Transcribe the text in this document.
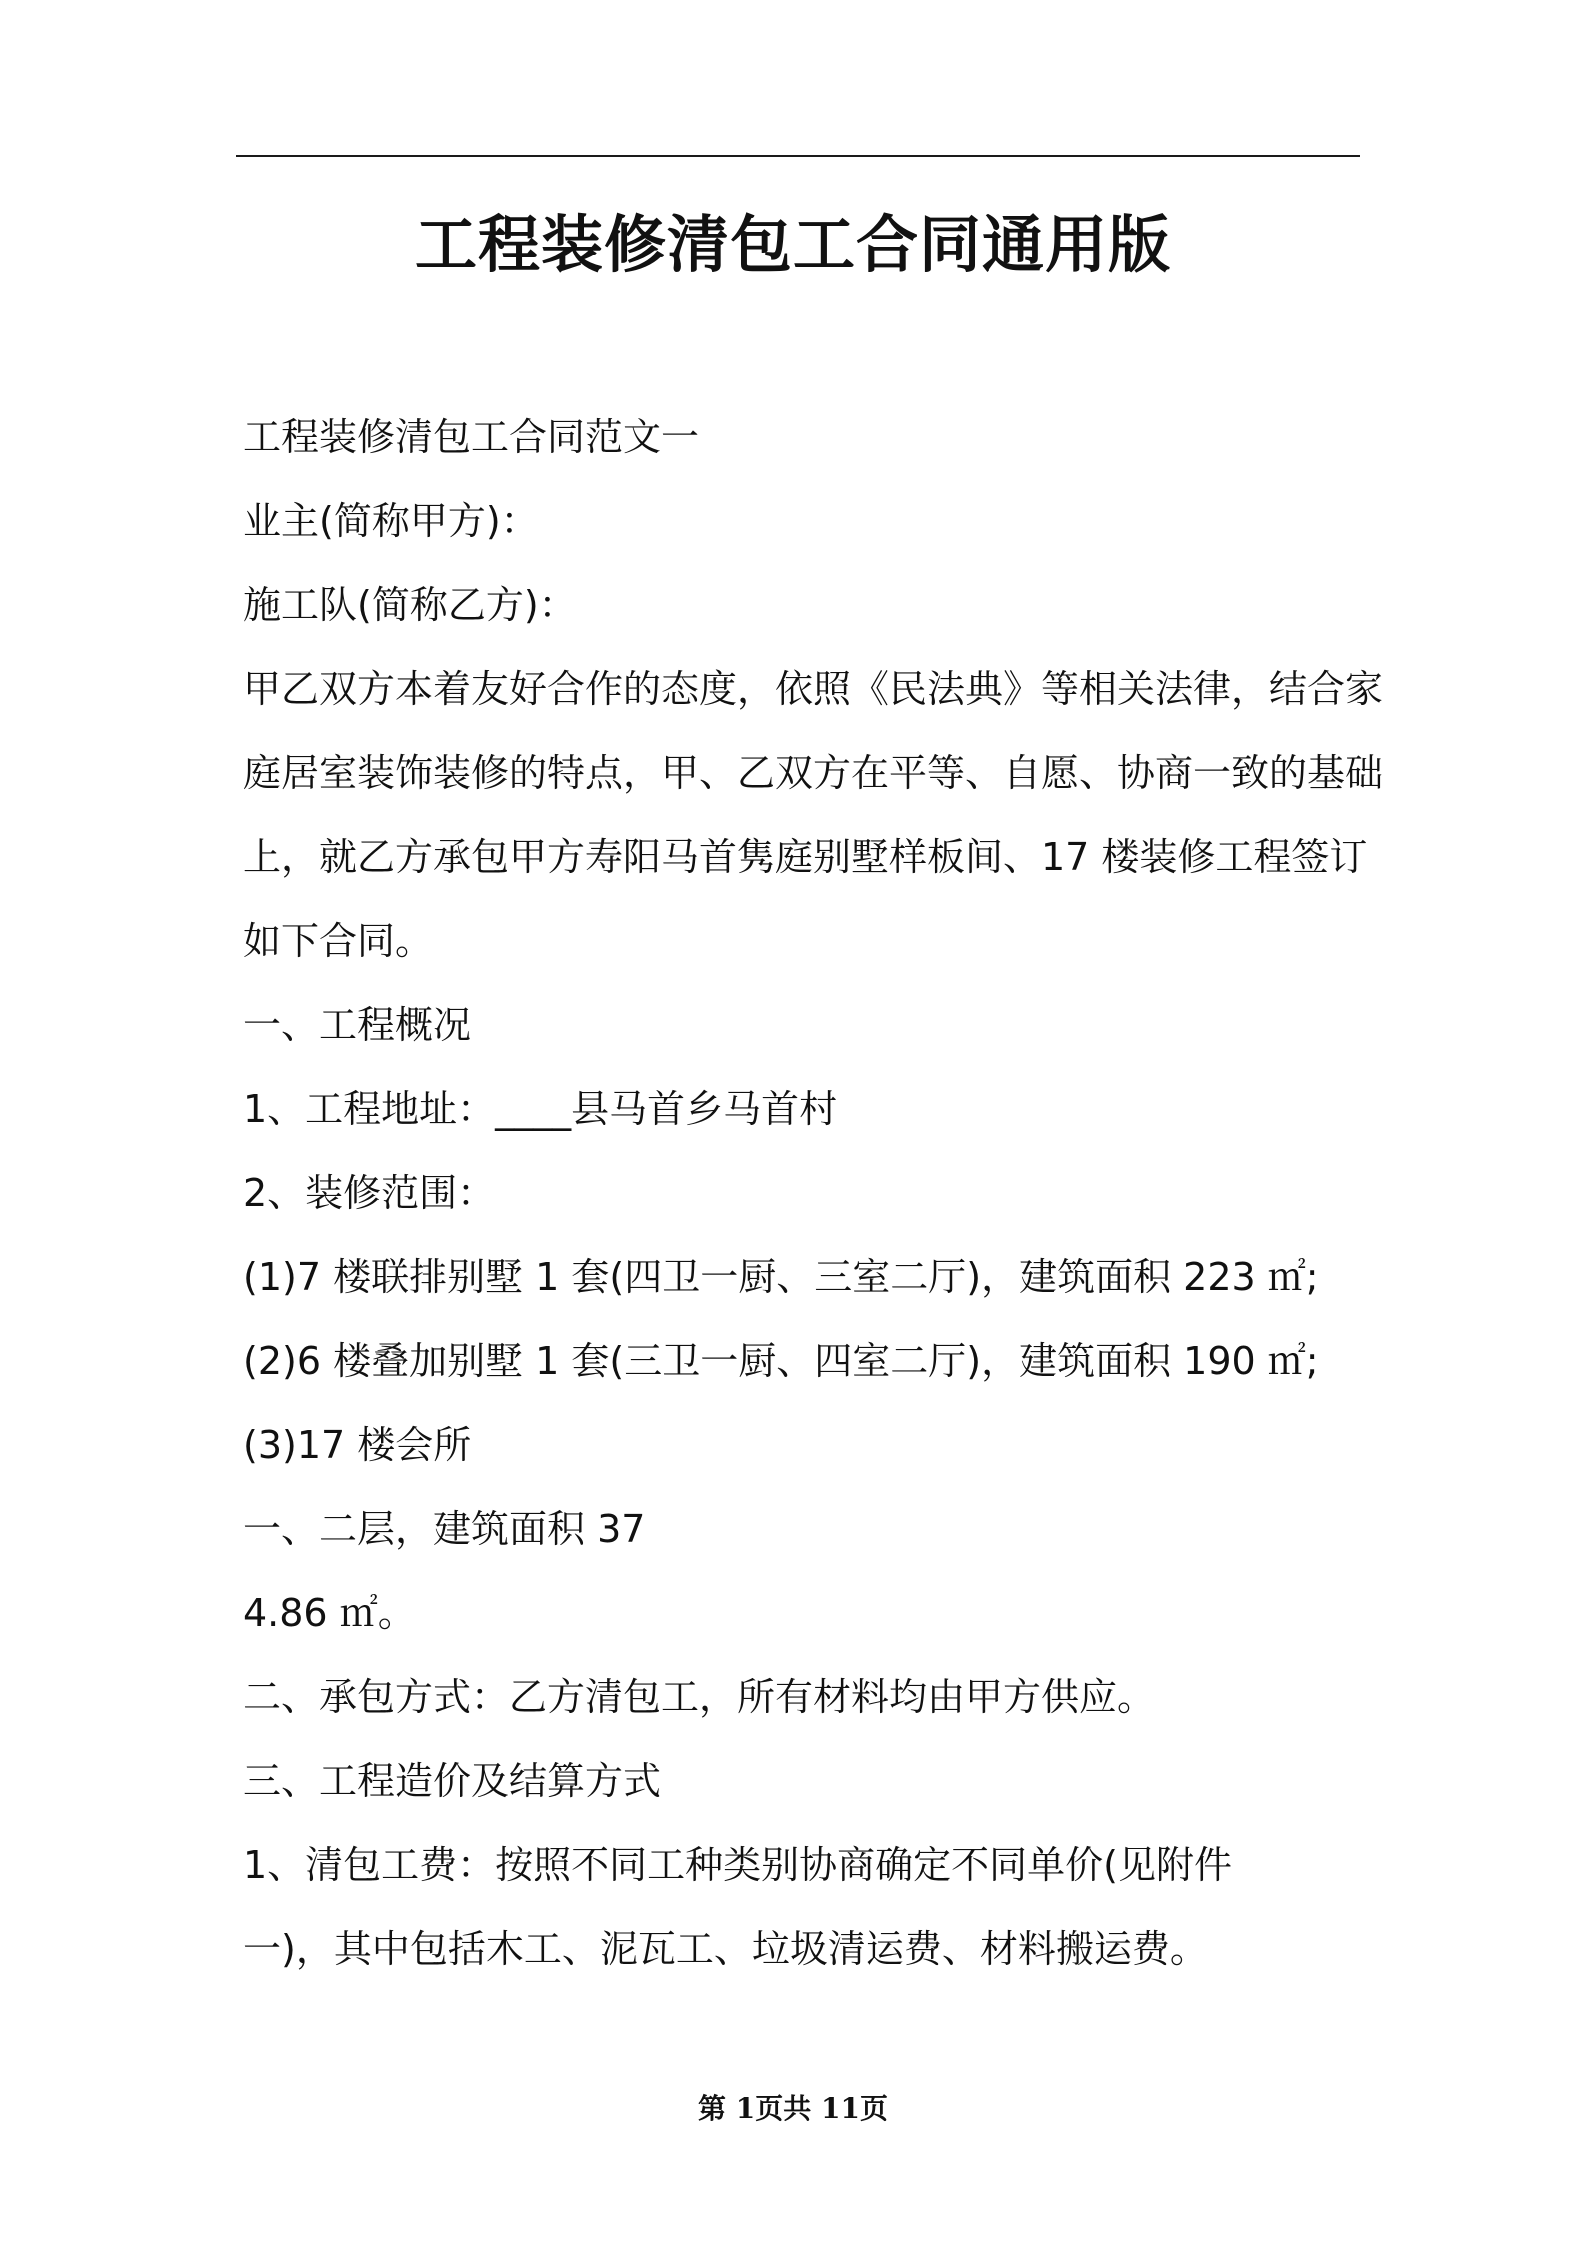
工程装修清包工合同通用版

工程装修清包工合同范文一

业主(简称甲方)：

施工队(简称乙方)：

甲乙双方本着友好合作的态度，依照《民法典》等相关法律，结合家

庭居室装饰装修的特点，甲、乙双方在平等、自愿、协商一致的基础

上，就乙方承包甲方寿阳马首隽庭别墅样板间、17 楼装修工程签订

如下合同。

一、工程概况

1、工程地址：____县马首乡马首村

2、装修范围：

(1)7 楼联排别墅 1 套(四卫一厨、三室二厅)，建筑面积 223 ㎡;

(2)6 楼叠加别墅 1 套(三卫一厨、四室二厅)，建筑面积 190 ㎡;

(3)17 楼会所

一、二层，建筑面积 37

4.86 ㎡。

二、承包方式：乙方清包工，所有材料均由甲方供应。

三、工程造价及结算方式

1、清包工费：按照不同工种类别协商确定不同单价(见附件

一)，其中包括木工、泥瓦工、垃圾清运费、材料搬运费。

第 1页共 11页
